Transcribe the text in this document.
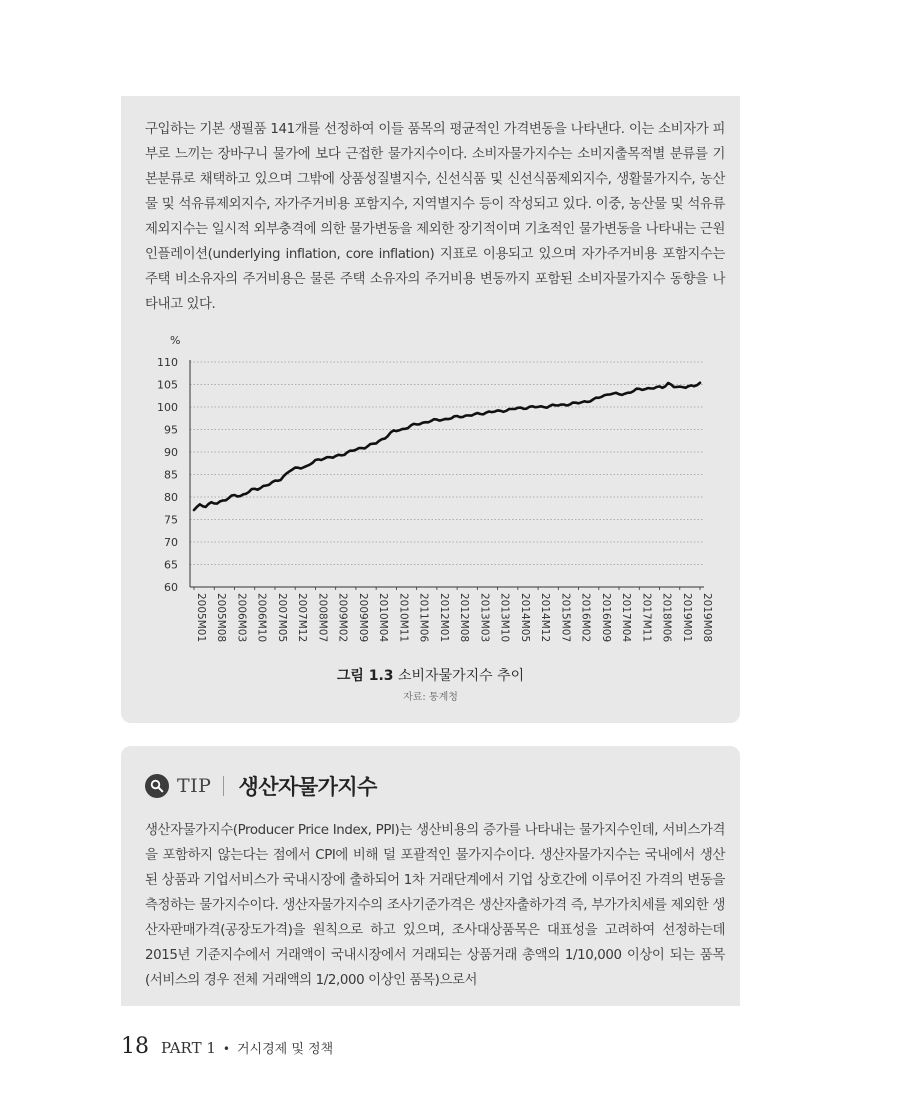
구입하는 기본 생필품 141개를 선정하여 이들 품목의 평균적인 가격변동을 나타낸다. 이는 소비자가 피부로 느끼는 장바구니 물가에 보다 근접한 물가지수이다. 소비자물가지수는 소비지출목적별 분류를 기본분류로 채택하고 있으며 그밖에 상품성질별지수, 신선식품 및 신선식품제외지수, 생활물가지수, 농산물 및 석유류제외지수, 자가주거비용 포함지수, 지역별지수 등이 작성되고 있다. 이중, 농산물 및 석유류제외지수는 일시적 외부충격에 의한 물가변동을 제외한 장기적이며 기초적인 물가변동을 나타내는 근원인플레이션(underlying inflation, core inflation) 지표로 이용되고 있으며 자가주거비용 포함지수는 주택 비소유자의 주거비용은 물론 주택 소유자의 주거비용 변동까지 포함된 소비자물가지수 동향을 나타내고 있다.

%
60
65
70
75
80
85
90
95
100
105
110
2005M01 2005M08 2006M03 2006M10 2007M05 2007M12 2008M07 2009M02 2009M09 2010M04 2010M11 2011M06 2012M01 2012M08 2013M03 2013M10 2014M05 2014M12 2015M07 2016M02 2016M09 2017M04 2017M11 2018M06 2019M01 2019M08
그림 1.3 소비자물가지수 추이
자료: 통계청
TIP 생산자물가지수

생산자물가지수(Producer Price Index, PPI)는 생산비용의 증가를 나타내는 물가지수인데, 서비스가격을 포함하지 않는다는 점에서 CPI에 비해 덜 포괄적인 물가지수이다. 생산자물가지수는 국내에서 생산된 상품과 기업서비스가 국내시장에 출하되어 1차 거래단계에서 기업 상호간에 이루어진 가격의 변동을 측정하는 물가지수이다. 생산자물가지수의 조사기준가격은 생산자출하가격 즉, 부가가치세를 제외한 생산자판매가격(공장도가격)을 원칙으로 하고 있으며, 조사대상품목은 대표성을 고려하여 선정하는데 2015년 기준지수에서 거래액이 국내시장에서 거래되는 상품거래 총액의 1/10,000 이상이 되는 품목(서비스의 경우 전체 거래액의 1/2,000 이상인 품목)으로서

18 PART 1 • 거시경제 및 정책
